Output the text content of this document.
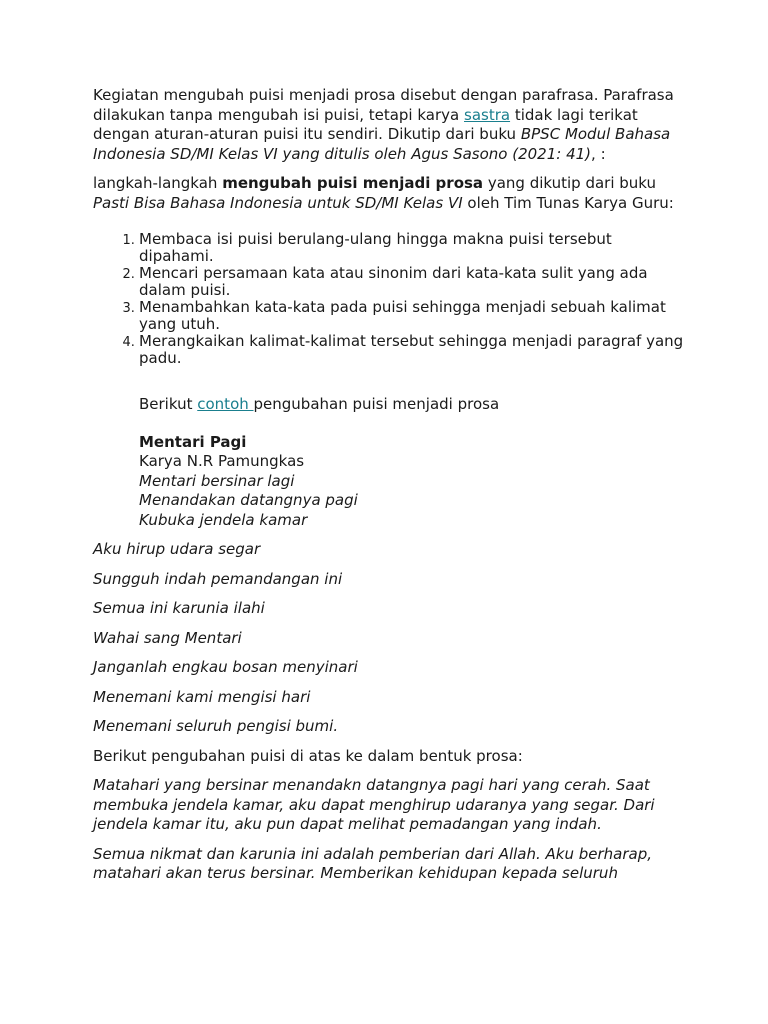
Kegiatan mengubah puisi menjadi prosa disebut dengan parafrasa. Parafrasa dilakukan tanpa mengubah isi puisi, tetapi karya sastra tidak lagi terikat dengan aturan-aturan puisi itu sendiri. Dikutip dari buku BPSC Modul Bahasa Indonesia SD/MI Kelas VI yang ditulis oleh Agus Sasono (2021: 41), :

langkah-langkah mengubah puisi menjadi prosa yang dikutip dari buku Pasti Bisa Bahasa Indonesia untuk SD/MI Kelas VI oleh Tim Tunas Karya Guru:

1. Membaca isi puisi berulang-ulang hingga makna puisi tersebut dipahami.
2. Mencari persamaan kata atau sinonim dari kata-kata sulit yang ada dalam puisi.
3. Menambahkan kata-kata pada puisi sehingga menjadi sebuah kalimat yang utuh.
4. Merangkaikan kalimat-kalimat tersebut sehingga menjadi paragraf yang padu.

Berikut contoh pengubahan puisi menjadi prosa

Mentari Pagi

Karya N.R Pamungkas

Mentari bersinar lagi

Menandakan datangnya pagi

Kubuka jendela kamar

Aku hirup udara segar

Sungguh indah pemandangan ini

Semua ini karunia ilahi

Wahai sang Mentari

Janganlah engkau bosan menyinari

Menemani kami mengisi hari

Menemani seluruh pengisi bumi.

Berikut pengubahan puisi di atas ke dalam bentuk prosa:

Matahari yang bersinar menandakn datangnya pagi hari yang cerah. Saat membuka jendela kamar, aku dapat menghirup udaranya yang segar. Dari jendela kamar itu, aku pun dapat melihat pemadangan yang indah.

Semua nikmat dan karunia ini adalah pemberian dari Allah. Aku berharap, matahari akan terus bersinar. Memberikan kehidupan kepada seluruh
